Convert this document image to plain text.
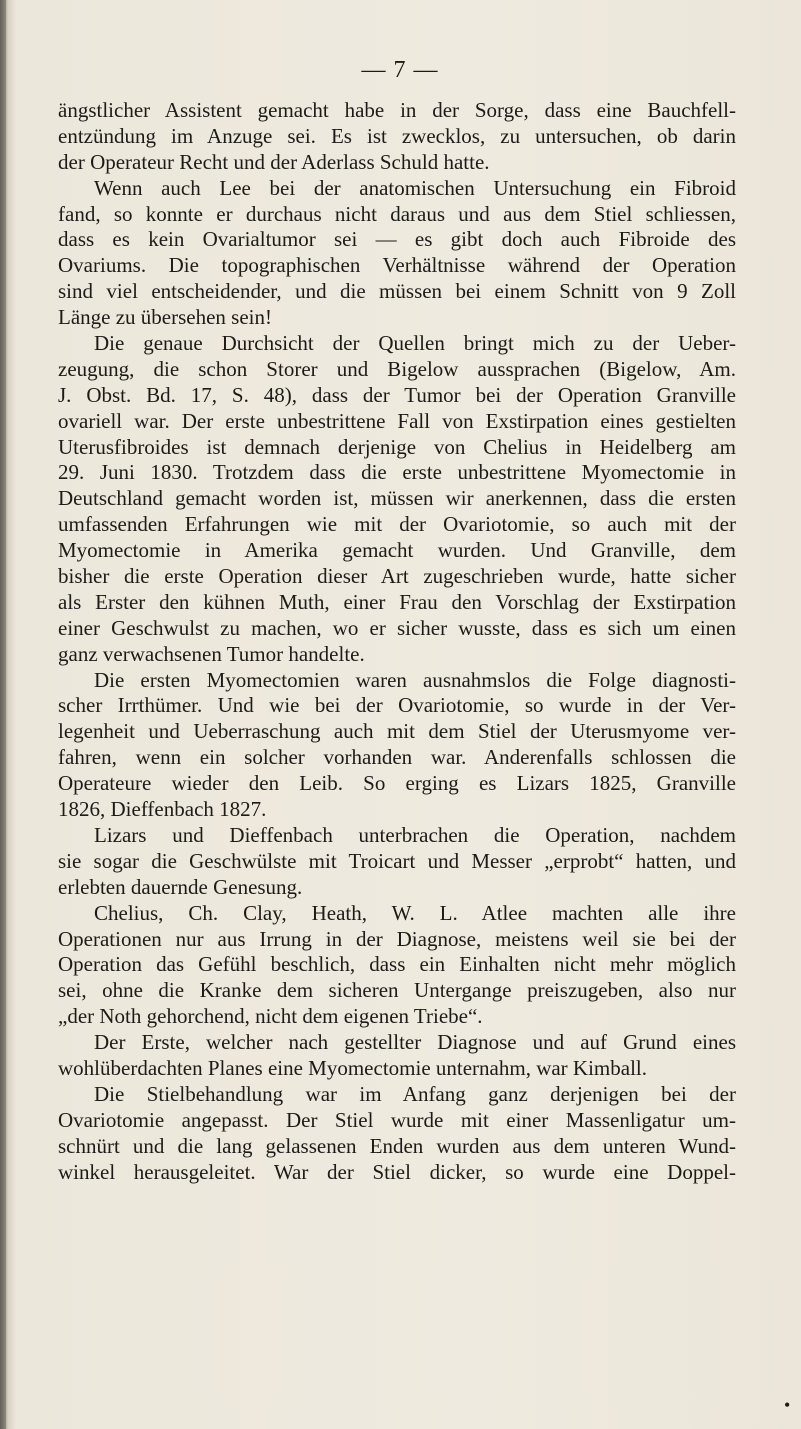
— 7 —
ängstlicher Assistent gemacht habe in der Sorge, dass eine Bauchfell-
entzündung im Anzuge sei. Es ist zwecklos, zu untersuchen, ob darin
der Operateur Recht und der Aderlass Schuld hatte.
Wenn auch Lee bei der anatomischen Untersuchung ein Fibroid
fand, so konnte er durchaus nicht daraus und aus dem Stiel schliessen,
dass es kein Ovarialtumor sei — es gibt doch auch Fibroide des
Ovariums. Die topographischen Verhältnisse während der Operation
sind viel entscheidender, und die müssen bei einem Schnitt von 9 Zoll
Länge zu übersehen sein!
Die genaue Durchsicht der Quellen bringt mich zu der Ueber-
zeugung, die schon Storer und Bigelow aussprachen (Bigelow, Am.
J. Obst. Bd. 17, S. 48), dass der Tumor bei der Operation Granville
ovariell war. Der erste unbestrittene Fall von Exstirpation eines gestielten
Uterusfibroides ist demnach derjenige von Chelius in Heidelberg am
29. Juni 1830. Trotzdem dass die erste unbestrittene Myomectomie in
Deutschland gemacht worden ist, müssen wir anerkennen, dass die ersten
umfassenden Erfahrungen wie mit der Ovariotomie, so auch mit der
Myomectomie in Amerika gemacht wurden. Und Granville, dem
bisher die erste Operation dieser Art zugeschrieben wurde, hatte sicher
als Erster den kühnen Muth, einer Frau den Vorschlag der Exstirpation
einer Geschwulst zu machen, wo er sicher wusste, dass es sich um einen
ganz verwachsenen Tumor handelte.
Die ersten Myomectomien waren ausnahmslos die Folge diagnosti-
scher Irrthümer. Und wie bei der Ovariotomie, so wurde in der Ver-
legenheit und Ueberraschung auch mit dem Stiel der Uterusmyome ver-
fahren, wenn ein solcher vorhanden war. Anderenfalls schlossen die
Operateure wieder den Leib. So erging es Lizars 1825, Granville
1826, Dieffenbach 1827.
Lizars und Dieffenbach unterbrachen die Operation, nachdem
sie sogar die Geschwülste mit Troicart und Messer „erprobt“ hatten, und
erlebten dauernde Genesung.
Chelius, Ch. Clay, Heath, W. L. Atlee machten alle ihre
Operationen nur aus Irrung in der Diagnose, meistens weil sie bei der
Operation das Gefühl beschlich, dass ein Einhalten nicht mehr möglich
sei, ohne die Kranke dem sicheren Untergange preiszugeben, also nur
„der Noth gehorchend, nicht dem eigenen Triebe“.
Der Erste, welcher nach gestellter Diagnose und auf Grund eines
wohlüberdachten Planes eine Myomectomie unternahm, war Kimball.
Die Stielbehandlung war im Anfang ganz derjenigen bei der
Ovariotomie angepasst. Der Stiel wurde mit einer Massenligatur um-
schnürt und die lang gelassenen Enden wurden aus dem unteren Wund-
winkel herausgeleitet. War der Stiel dicker, so wurde eine Doppel-
•
